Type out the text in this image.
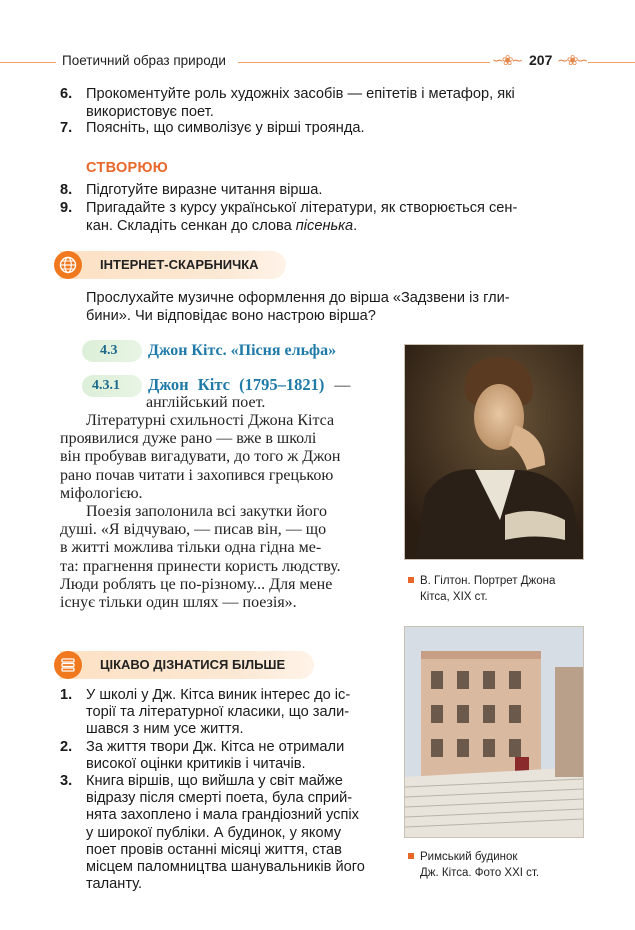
Поетичний образ природи	∽❀∼ 207 ∼❀∽
6. Прокоментуйте роль художніх засобів — епітетів і метафор, які
використовує поет.
7. Поясніть, що символізує у вірші троянда.
СТВОРЮЮ
8. Підготуйте виразне читання вірша.
9. Пригадайте з курсу української літератури, як створюється сен-
кан. Складіть сенкан до слова пісенька.
ІНТЕРНЕТ-СКАРБНИЧКА
Прослухайте музичне оформлення до вірша «Задзвени із гли-
бини». Чи відповідає воно настрою вірша?
4.3 Джон Кітс. «Пісня ельфа»
4.3.1 Джон Кітс (1795–1821) —
англійський поет.
Літературні схильності Джона Кітса
проявилися дуже рано — вже в школі
він пробував вигадувати, до того ж Джон
рано почав читати і захопився грецькою
міфологією.
Поезія заполонила всі закутки його
душі. «Я відчуваю, — писав він, — що
в житті можлива тільки одна гідна ме-
та: прагнення принести користь людству.
Люди роблять це по-різному... Для мене
існує тільки один шлях — поезія».
В. Гілтон. Портрет Джона
Кітса, XIX ст.
Римський будинок
Дж. Кітса. Фото XXI ст.
ЦІКАВО ДІЗНАТИСЯ БІЛЬШЕ
1. У школі у Дж. Кітса виник інтерес до іс-
торії та літературної класики, що зали-
шався з ним усе життя.
2. За життя твори Дж. Кітса не отримали
високої оцінки критиків і читачів.
3. Книга віршів, що вийшла у світ майже
відразу після смерті поета, була сприй-
нята захоплено і мала грандіозний успіх
у широкої публіки. А будинок, у якому
поет провів останні місяці життя, став
місцем паломництва шанувальників його
таланту.
